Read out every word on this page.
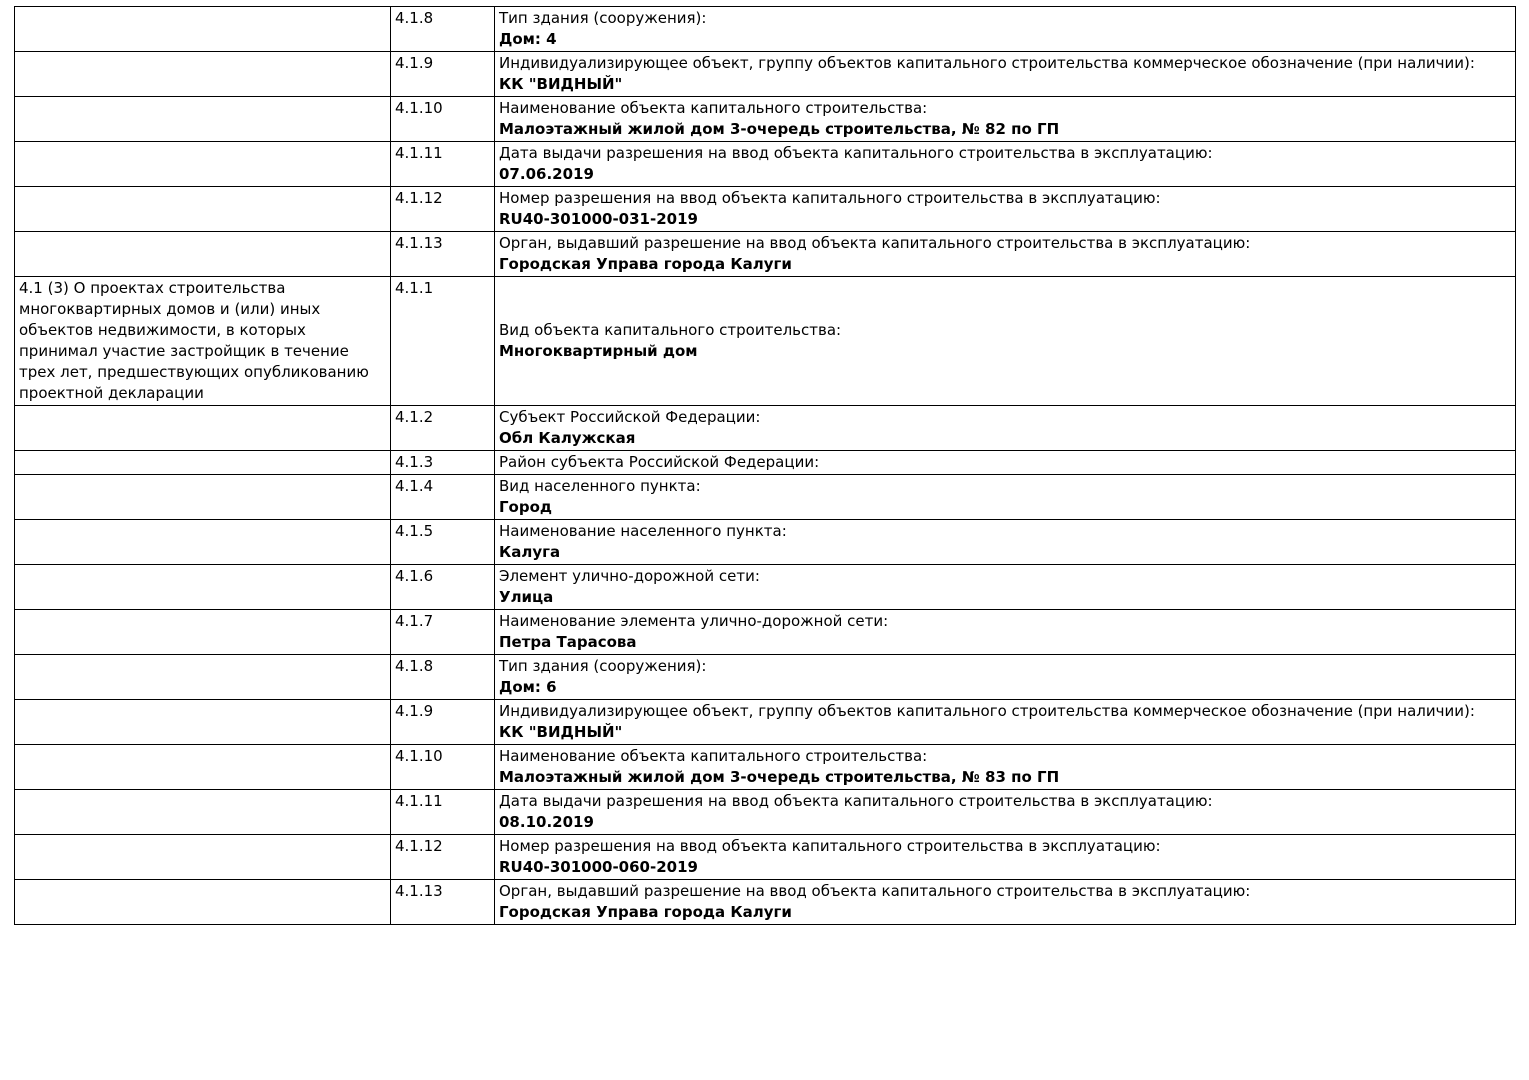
	4.1.8	Тип здания (сооружения):
Дом: 4

	4.1.9	Индивидуализирующее объект, группу объектов капитального строительства коммерческое обозначение (при наличии):
КК "ВИДНЫЙ"

	4.1.10	Наименование объекта капитального строительства:
Малоэтажный жилой дом 3-очередь строительства, № 82 по ГП

	4.1.11	Дата выдачи разрешения на ввод объекта капитального строительства в эксплуатацию:
07.06.2019

	4.1.12	Номер разрешения на ввод объекта капитального строительства в эксплуатацию:
RU40-301000-031-2019

	4.1.13	Орган, выдавший разрешение на ввод объекта капитального строительства в эксплуатацию:
Городская Управа города Калуги

4.1 (3) О проектах строительства многоквартирных домов и (или) иных объектов недвижимости, в которых принимал участие застройщик в течение трех лет, предшествующих опубликованию проектной декларации	4.1.1	Вид объекта капитального строительства:
Многоквартирный дом

	4.1.2	Субъект Российской Федерации:
Обл Калужская

	4.1.3	Район субъекта Российской Федерации:

	4.1.4	Вид населенного пункта:
Город

	4.1.5	Наименование населенного пункта:
Калуга

	4.1.6	Элемент улично-дорожной сети:
Улица

	4.1.7	Наименование элемента улично-дорожной сети:
Петра Тарасова

	4.1.8	Тип здания (сооружения):
Дом: 6

	4.1.9	Индивидуализирующее объект, группу объектов капитального строительства коммерческое обозначение (при наличии):
КК "ВИДНЫЙ"

	4.1.10	Наименование объекта капитального строительства:
Малоэтажный жилой дом 3-очередь строительства, № 83 по ГП

	4.1.11	Дата выдачи разрешения на ввод объекта капитального строительства в эксплуатацию:
08.10.2019

	4.1.12	Номер разрешения на ввод объекта капитального строительства в эксплуатацию:
RU40-301000-060-2019

	4.1.13	Орган, выдавший разрешение на ввод объекта капитального строительства в эксплуатацию:
Городская Управа города Калуги
